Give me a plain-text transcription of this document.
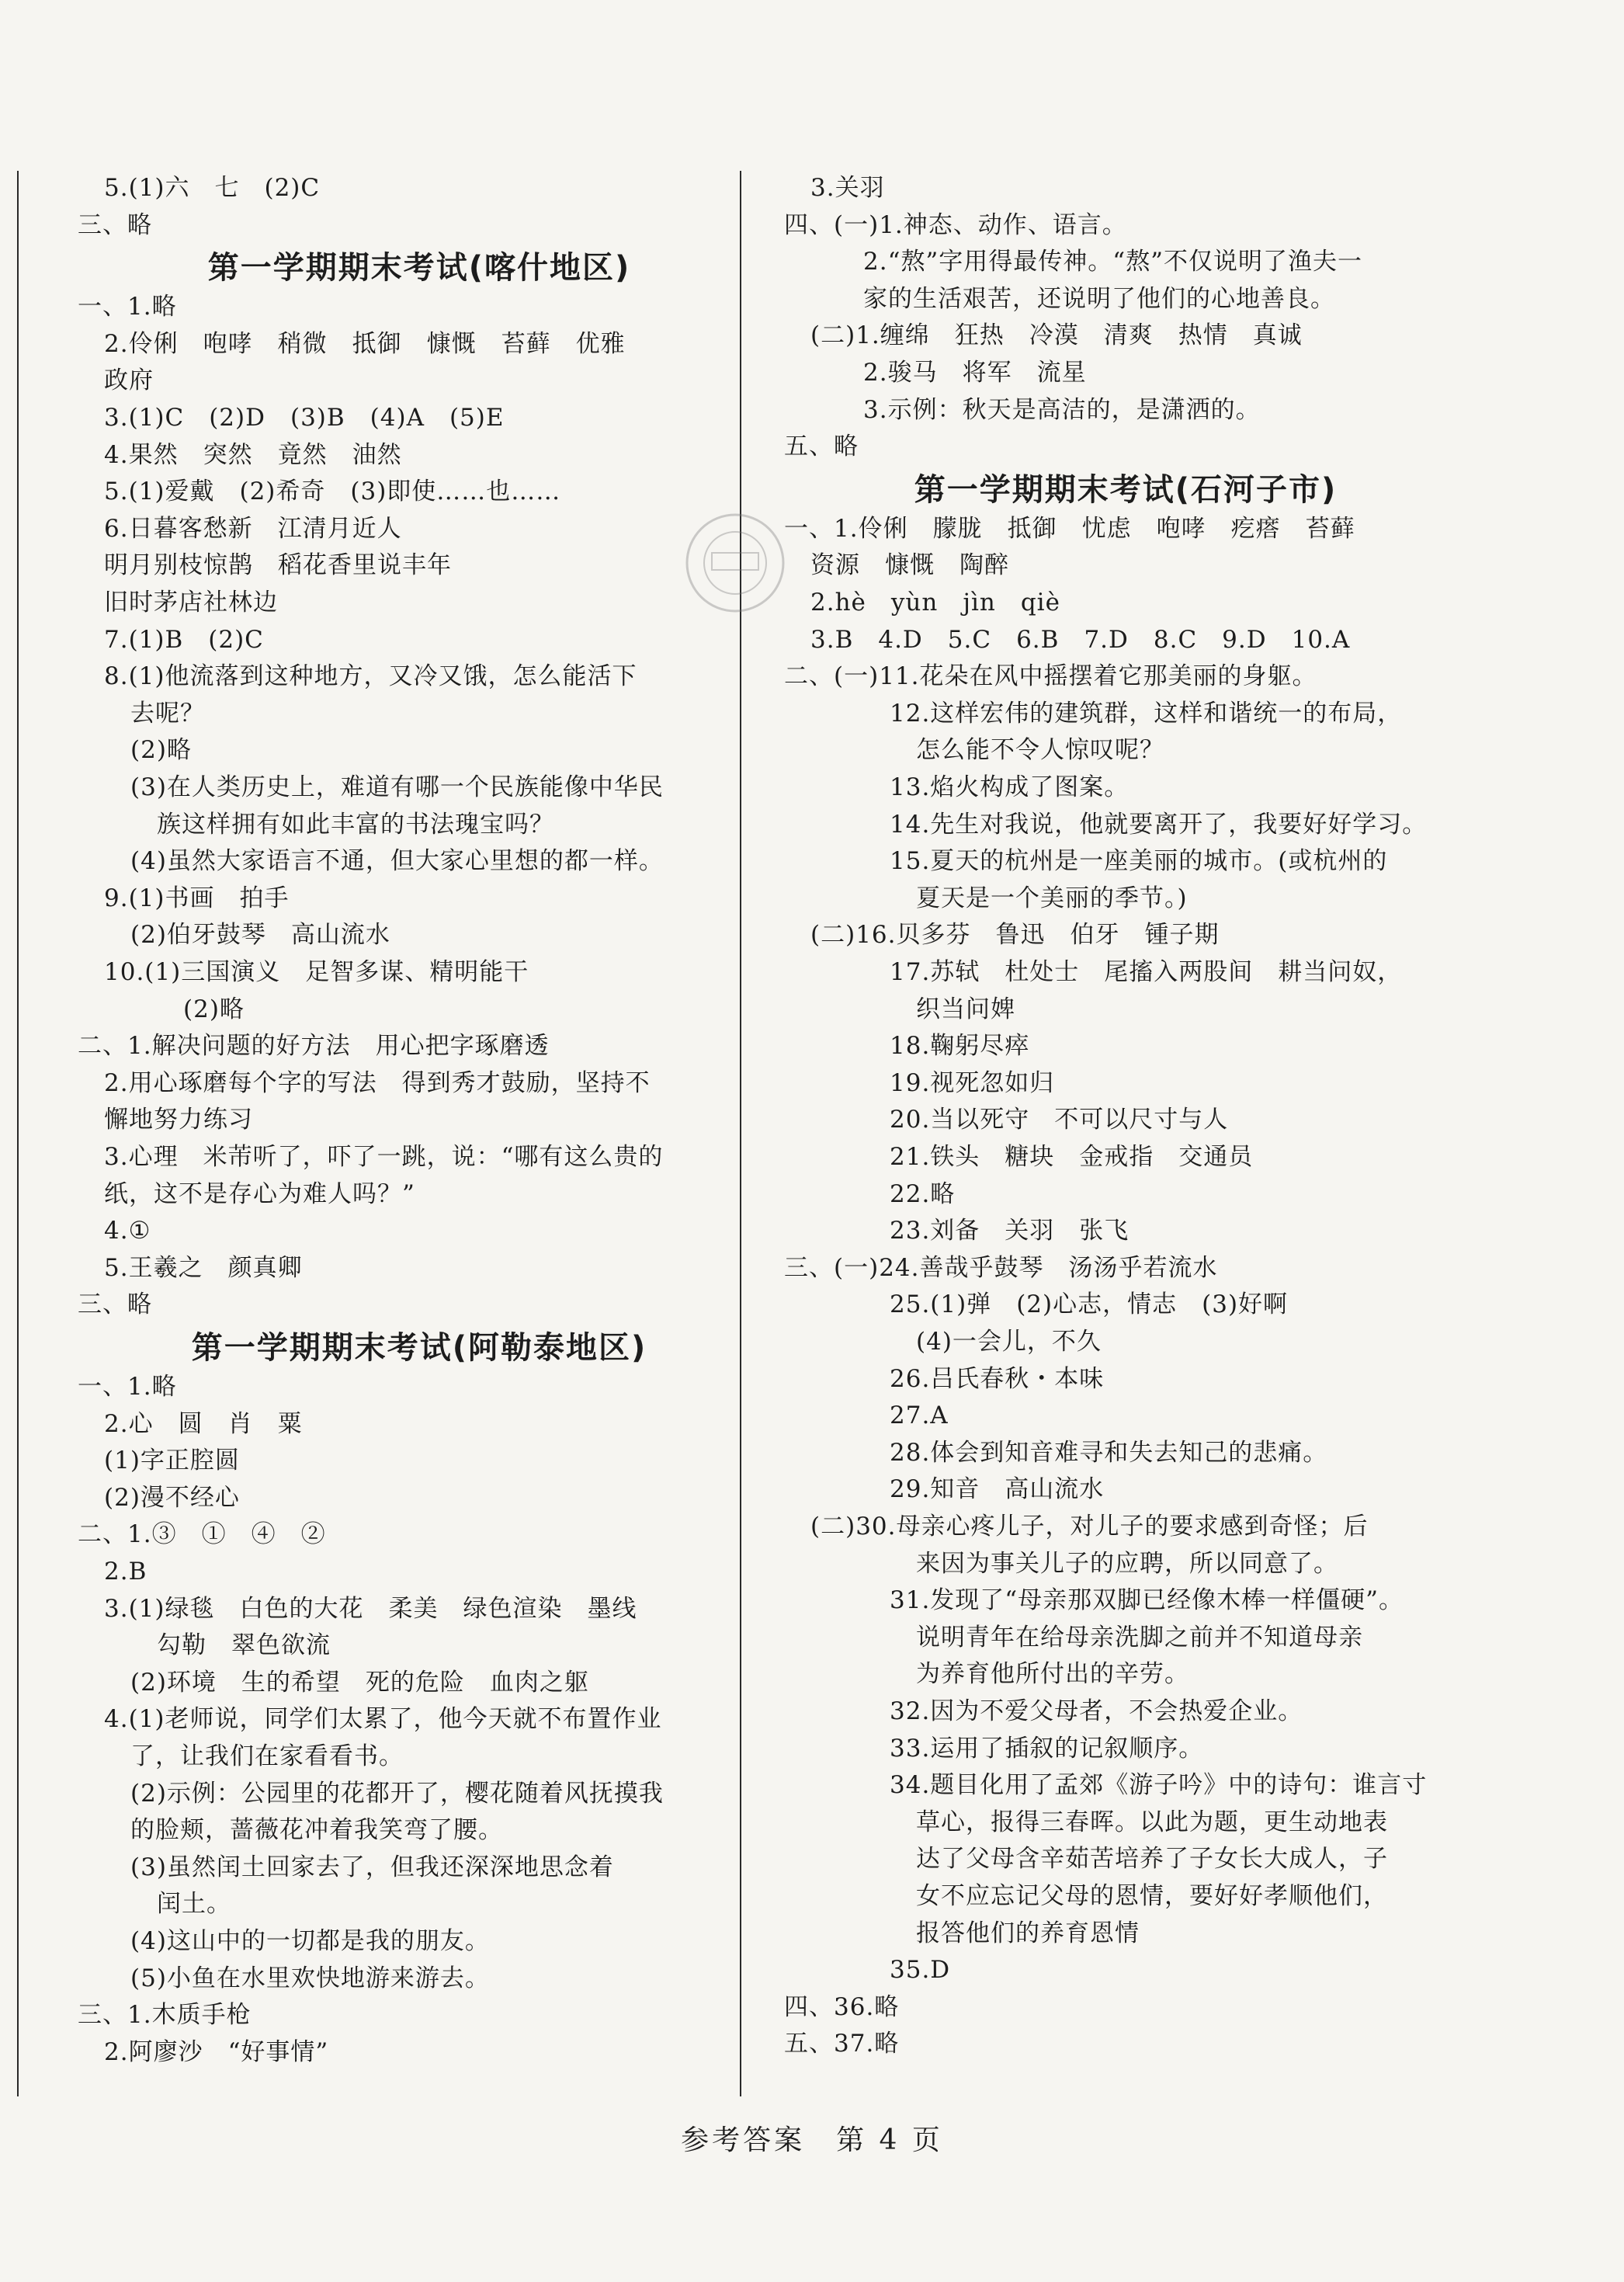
5.(1)六　七　(2)C
三、略
第一学期期末考试(喀什地区)
一、1.略
2.伶俐　咆哮　稍微　抵御　慷慨　苔藓　优雅
政府
3.(1)C　(2)D　(3)B　(4)A　(5)E
4.果然　突然　竟然　油然
5.(1)爱戴　(2)希奇　(3)即使……也……
6.日暮客愁新　江清月近人
明月别枝惊鹊　稻花香里说丰年
旧时茅店社林边
7.(1)B　(2)C
8.(1)他流落到这种地方，又冷又饿，怎么能活下
去呢？
(2)略
(3)在人类历史上，难道有哪一个民族能像中华民
族这样拥有如此丰富的书法瑰宝吗？
(4)虽然大家语言不通，但大家心里想的都一样。
9.(1)书画　拍手
(2)伯牙鼓琴　高山流水
10.(1)三国演义　足智多谋、精明能干
(2)略
二、1.解决问题的好方法　用心把字琢磨透
2.用心琢磨每个字的写法　得到秀才鼓励，坚持不
懈地努力练习
3.心理　米芾听了，吓了一跳，说：“哪有这么贵的
纸，这不是存心为难人吗？”
4.①
5.王羲之　颜真卿
三、略
第一学期期末考试(阿勒泰地区)
一、1.略
2.心　圆　肖　粟
(1)字正腔圆
(2)漫不经心
二、1.③　①　④　②
2.B
3.(1)绿毯　白色的大花　柔美　绿色渲染　墨线
勾勒　翠色欲流
(2)环境　生的希望　死的危险　血肉之躯
4.(1)老师说，同学们太累了，他今天就不布置作业
了，让我们在家看看书。
(2)示例：公园里的花都开了，樱花随着风抚摸我
的脸颊，蔷薇花冲着我笑弯了腰。
(3)虽然闰土回家去了，但我还深深地思念着
闰土。
(4)这山中的一切都是我的朋友。
(5)小鱼在水里欢快地游来游去。
三、1.木质手枪
2.阿廖沙　“好事情”
3.关羽
四、(一)1.神态、动作、语言。
2.“熬”字用得最传神。“熬”不仅说明了渔夫一
家的生活艰苦，还说明了他们的心地善良。
(二)1.缠绵　狂热　冷漠　清爽　热情　真诚
2.骏马　将军　流星
3.示例：秋天是高洁的，是潇洒的。
五、略
第一学期期末考试(石河子市)
一、1.伶俐　朦胧　抵御　忧虑　咆哮　疙瘩　苔藓
资源　慷慨　陶醉
2.hè　yùn　jìn　qiè
3.B　4.D　5.C　6.B　7.D　8.C　9.D　10.A
二、(一)11.花朵在风中摇摆着它那美丽的身躯。
12.这样宏伟的建筑群，这样和谐统一的布局，
怎么能不令人惊叹呢？
13.焰火构成了图案。
14.先生对我说，他就要离开了，我要好好学习。
15.夏天的杭州是一座美丽的城市。(或杭州的
夏天是一个美丽的季节。)
(二)16.贝多芬　鲁迅　伯牙　锺子期
17.苏轼　杜处士　尾搐入两股间　耕当问奴，
织当问婢
18.鞠躬尽瘁
19.视死忽如归
20.当以死守　不可以尺寸与人
21.铁头　糖块　金戒指　交通员
22.略
23.刘备　关羽　张飞
三、(一)24.善哉乎鼓琴　汤汤乎若流水
25.(1)弹　(2)心志，情志　(3)好啊
(4)一会儿，不久
26.吕氏春秋・本味
27.A
28.体会到知音难寻和失去知己的悲痛。
29.知音　高山流水
(二)30.母亲心疼儿子，对儿子的要求感到奇怪；后
来因为事关儿子的应聘，所以同意了。
31.发现了“母亲那双脚已经像木棒一样僵硬”。
说明青年在给母亲洗脚之前并不知道母亲
为养育他所付出的辛劳。
32.因为不爱父母者，不会热爱企业。
33.运用了插叙的记叙顺序。
34.题目化用了孟郊《游子吟》中的诗句：谁言寸
草心，报得三春晖。以此为题，更生动地表
达了父母含辛茹苦培养了子女长大成人，子
女不应忘记父母的恩情，要好好孝顺他们，
报答他们的养育恩情
35.D
四、36.略
五、37.略
参考答案　第 4 页
